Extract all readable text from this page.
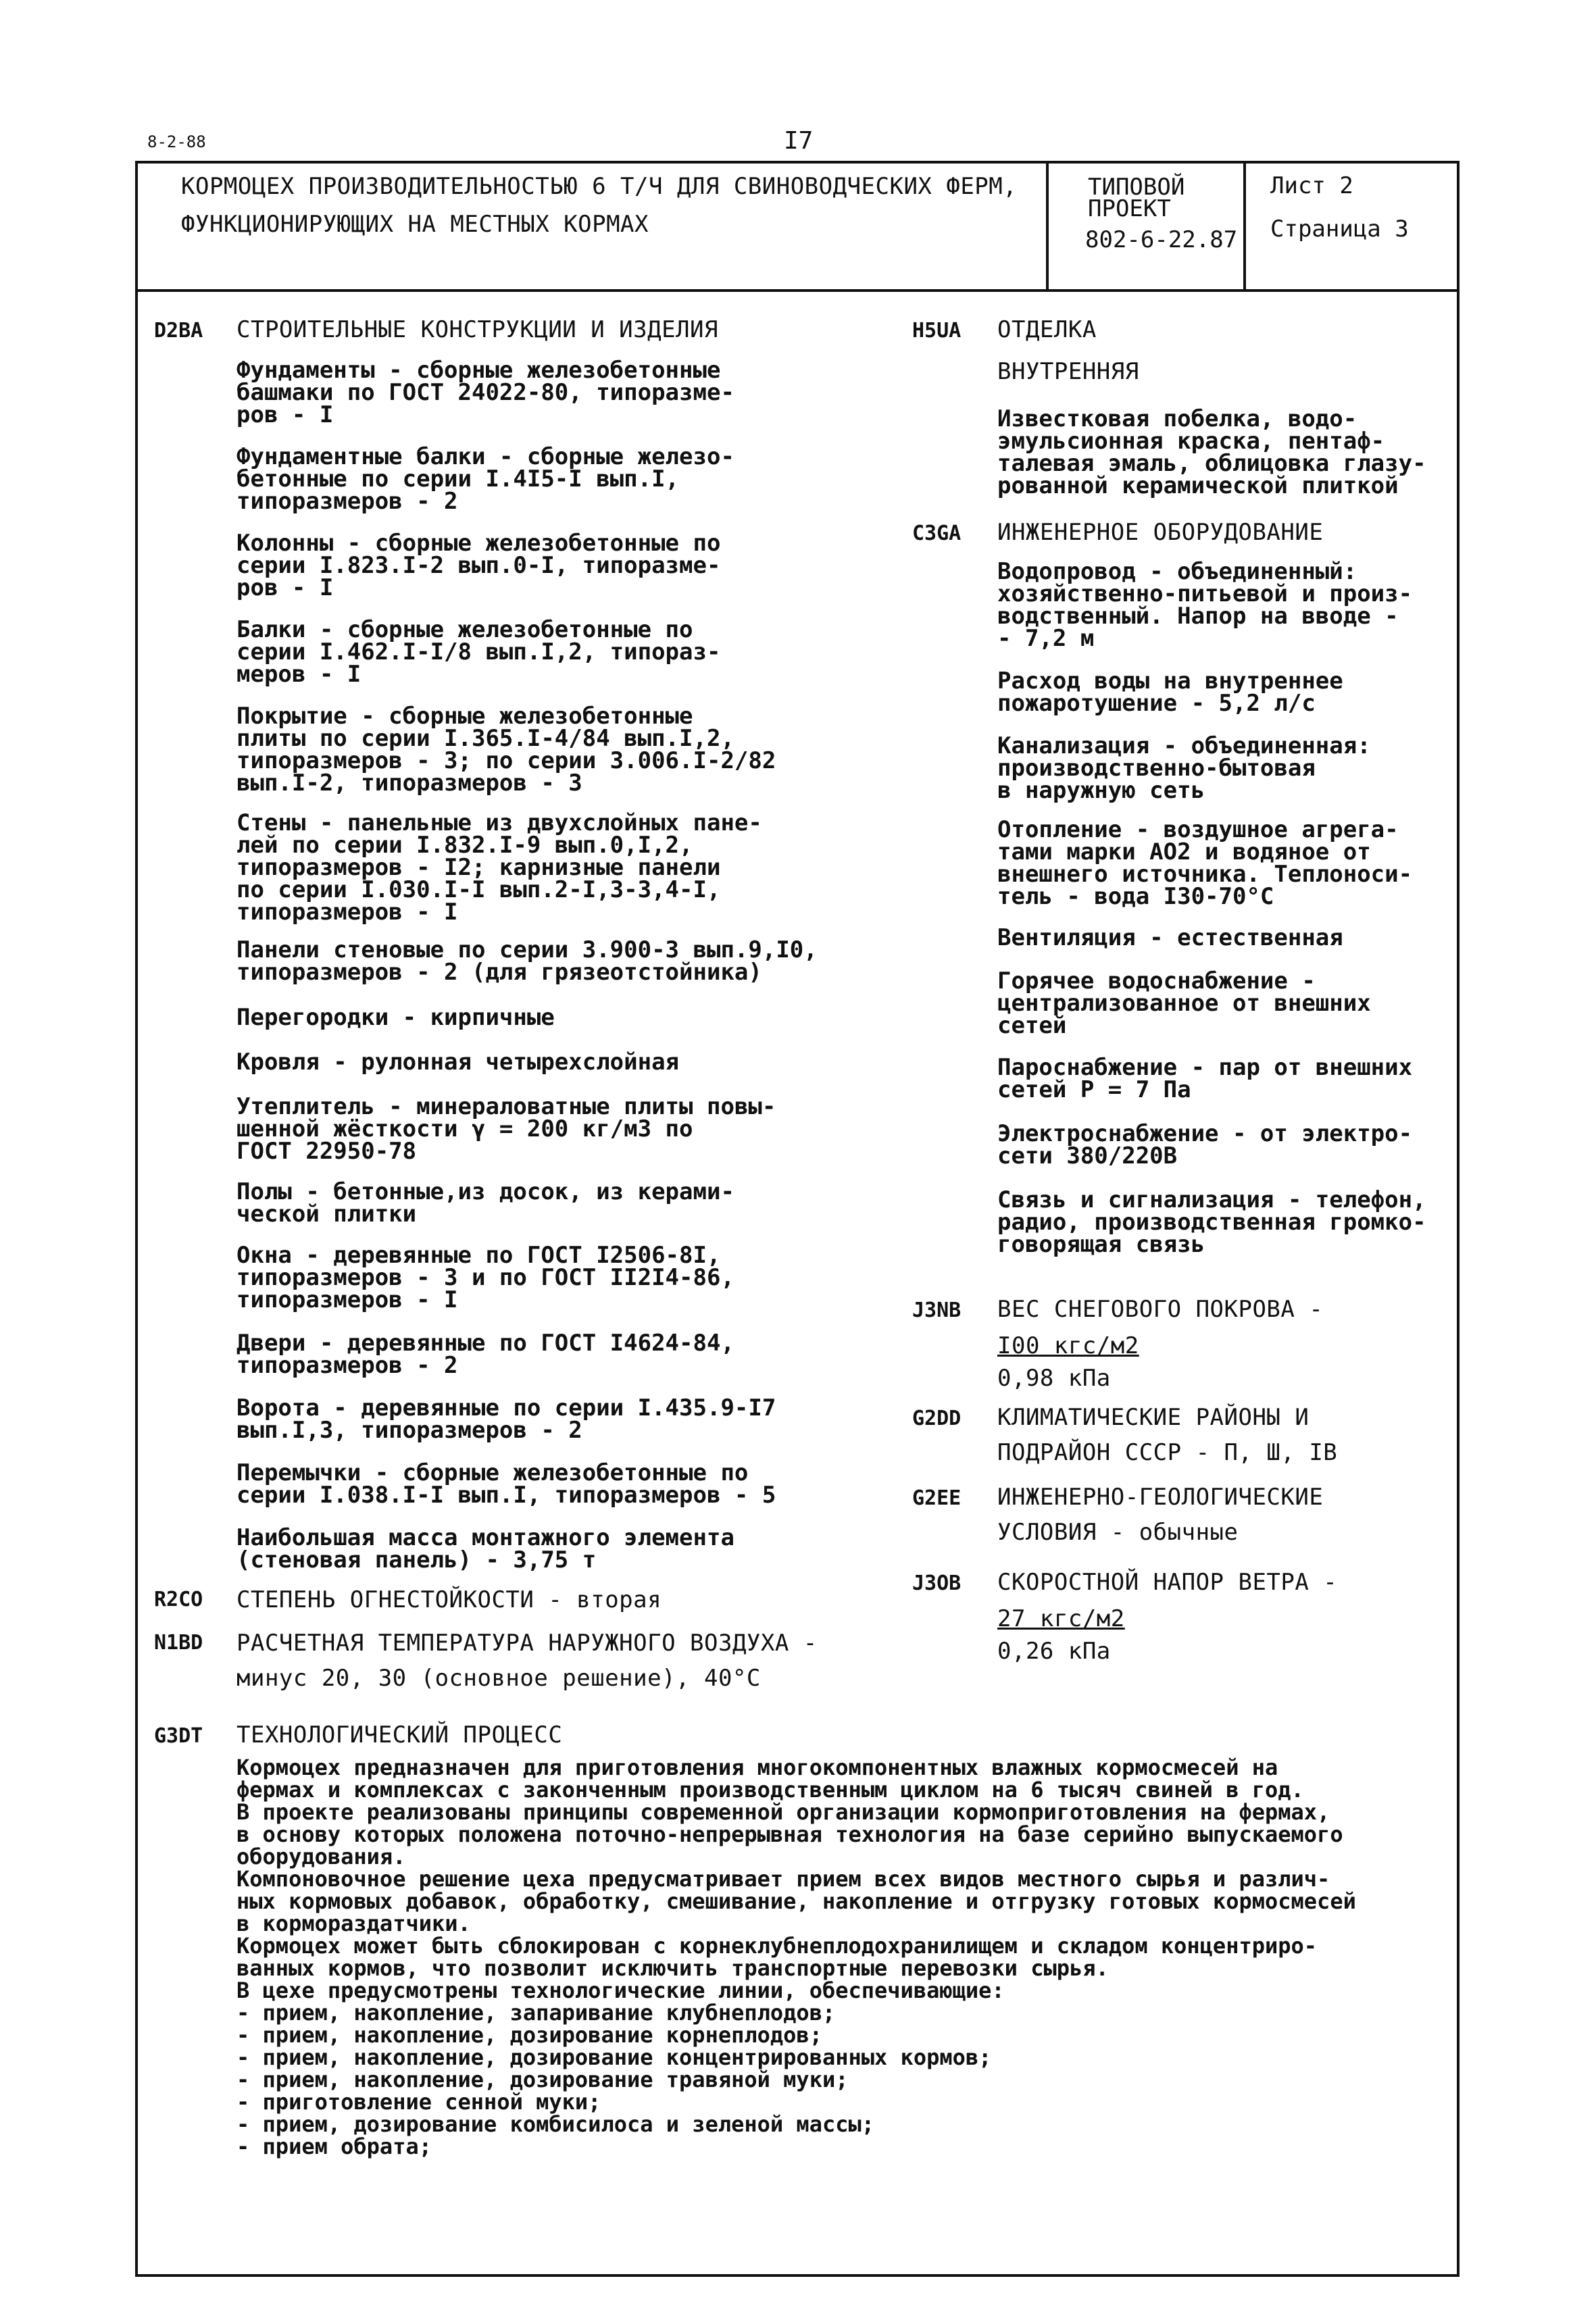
8-2-88	I7
КОРМОЦЕХ ПРОИЗВОДИТЕЛЬНОСТЬЮ 6 Т/Ч ДЛЯ СВИНОВОДЧЕСКИХ ФЕРМ,
ФУНКЦИОНИРУЮЩИХ НА МЕСТНЫХ КОРМАХ
ТИПОВОЙ
ПРОЕКТ
802-6-22.87
Лист 2
Страница 3
D2BA СТРОИТЕЛЬНЫЕ КОНСТРУКЦИИ И ИЗДЕЛИЯ
Фундаменты - сборные железобетонные
башмаки по ГОСТ 24022-80, типоразме-
ров - I
Фундаментные балки - сборные железо-
бетонные по серии I.4I5-I вып.I,
типоразмеров - 2
Колонны - сборные железобетонные по
серии I.823.I-2 вып.0-I, типоразме-
ров - I
Балки - сборные железобетонные по
серии I.462.I-I/8 вып.I,2, типораз-
меров - I
Покрытие - сборные железобетонные
плиты по серии I.365.I-4/84 вып.I,2,
типоразмеров - 3; по серии 3.006.I-2/82
вып.I-2, типоразмеров - 3
Стены - панельные из двухслойных пане-
лей по серии I.832.I-9 вып.0,I,2,
типоразмеров - I2; карнизные панели
по серии I.030.I-I вып.2-I,3-3,4-I,
типоразмеров - I
Панели стеновые по серии 3.900-3 вып.9,I0,
типоразмеров - 2 (для грязеотстойника)
Перегородки - кирпичные
Кровля - рулонная четырехслойная
Утеплитель - минераловатные плиты повы-
шенной жёсткости γ = 200 кг/м3 по
ГОСТ 22950-78
Полы - бетонные,из досок, из керами-
ческой плитки
Окна - деревянные по ГОСТ I2506-8I,
типоразмеров - 3 и по ГОСТ II2I4-86,
типоразмеров - I
Двери - деревянные по ГОСТ I4624-84,
типоразмеров - 2
Ворота - деревянные по серии I.435.9-I7
вып.I,3, типоразмеров - 2
Перемычки - сборные железобетонные по
серии I.038.I-I вып.I, типоразмеров - 5
Наибольшая масса монтажного элемента
(стеновая панель) - 3,75 т
R2CO СТЕПЕНЬ ОГНЕСТОЙКОСТИ - вторая
N1BD РАСЧЕТНАЯ ТЕМПЕРАТУРА НАРУЖНОГО ВОЗДУХА -
минус 20, 30 (основное решение), 40°С
H5UA ОТДЕЛКА
ВНУТРЕННЯЯ
Известковая побелка, водо-
эмульсионная краска, пентаф-
талевая эмаль, облицовка глазу-
рованной керамической плиткой
C3GA ИНЖЕНЕРНОЕ ОБОРУДОВАНИЕ
Водопровод - объединенный:
хозяйственно-питьевой и произ-
водственный. Напор на вводе -
- 7,2 м
Расход воды на внутреннее
пожаротушение - 5,2 л/с
Канализация - объединенная:
производственно-бытовая
в наружную сеть
Отопление - воздушное агрега-
тами марки АО2 и водяное от
внешнего источника. Теплоноси-
тель - вода I30-70°С
Вентиляция - естественная
Горячее водоснабжение -
централизованное от внешних
сетей
Пароснабжение - пар от внешних
сетей Р = 7 Па
Электроснабжение - от электро-
сети 380/220В
Связь и сигнализация - телефон,
радио, производственная громко-
говорящая связь
J3NB ВЕС СНЕГОВОГО ПОКРОВА -
I00 кгс/м2
0,98 кПа
G2DD КЛИМАТИЧЕСКИЕ РАЙОНЫ И
ПОДРАЙОН СССР - П, Ш, IВ
G2EE ИНЖЕНЕРНО-ГЕОЛОГИЧЕСКИЕ
УСЛОВИЯ - обычные
J3OB СКОРОСТНОЙ НАПОР ВЕТРА -
27 кгс/м2
0,26 кПа
G3DT ТЕХНОЛОГИЧЕСКИЙ ПРОЦЕСС
Кормоцех предназначен для приготовления многокомпонентных влажных кормосмесей на
фермах и комплексах с законченным производственным циклом на 6 тысяч свиней в год.
В проекте реализованы принципы современной организации кормоприготовления на фермах,
в основу которых положена поточно-непрерывная технология на базе серийно выпускаемого
оборудования.
Компоновочное решение цеха предусматривает прием всех видов местного сырья и различ-
ных кормовых добавок, обработку, смешивание, накопление и отгрузку готовых кормосмесей
в кормораздатчики.
Кормоцех может быть сблокирован с корнеклубнеплодохранилищем и складом концентриро-
ванных кормов, что позволит исключить транспортные перевозки сырья.
В цехе предусмотрены технологические линии, обеспечивающие:
- прием, накопление, запаривание клубнеплодов;
- прием, накопление, дозирование корнеплодов;
- прием, накопление, дозирование концентрированных кормов;
- прием, накопление, дозирование травяной муки;
- приготовление сенной муки;
- прием, дозирование комбисилоса и зеленой массы;
- прием обрата;
